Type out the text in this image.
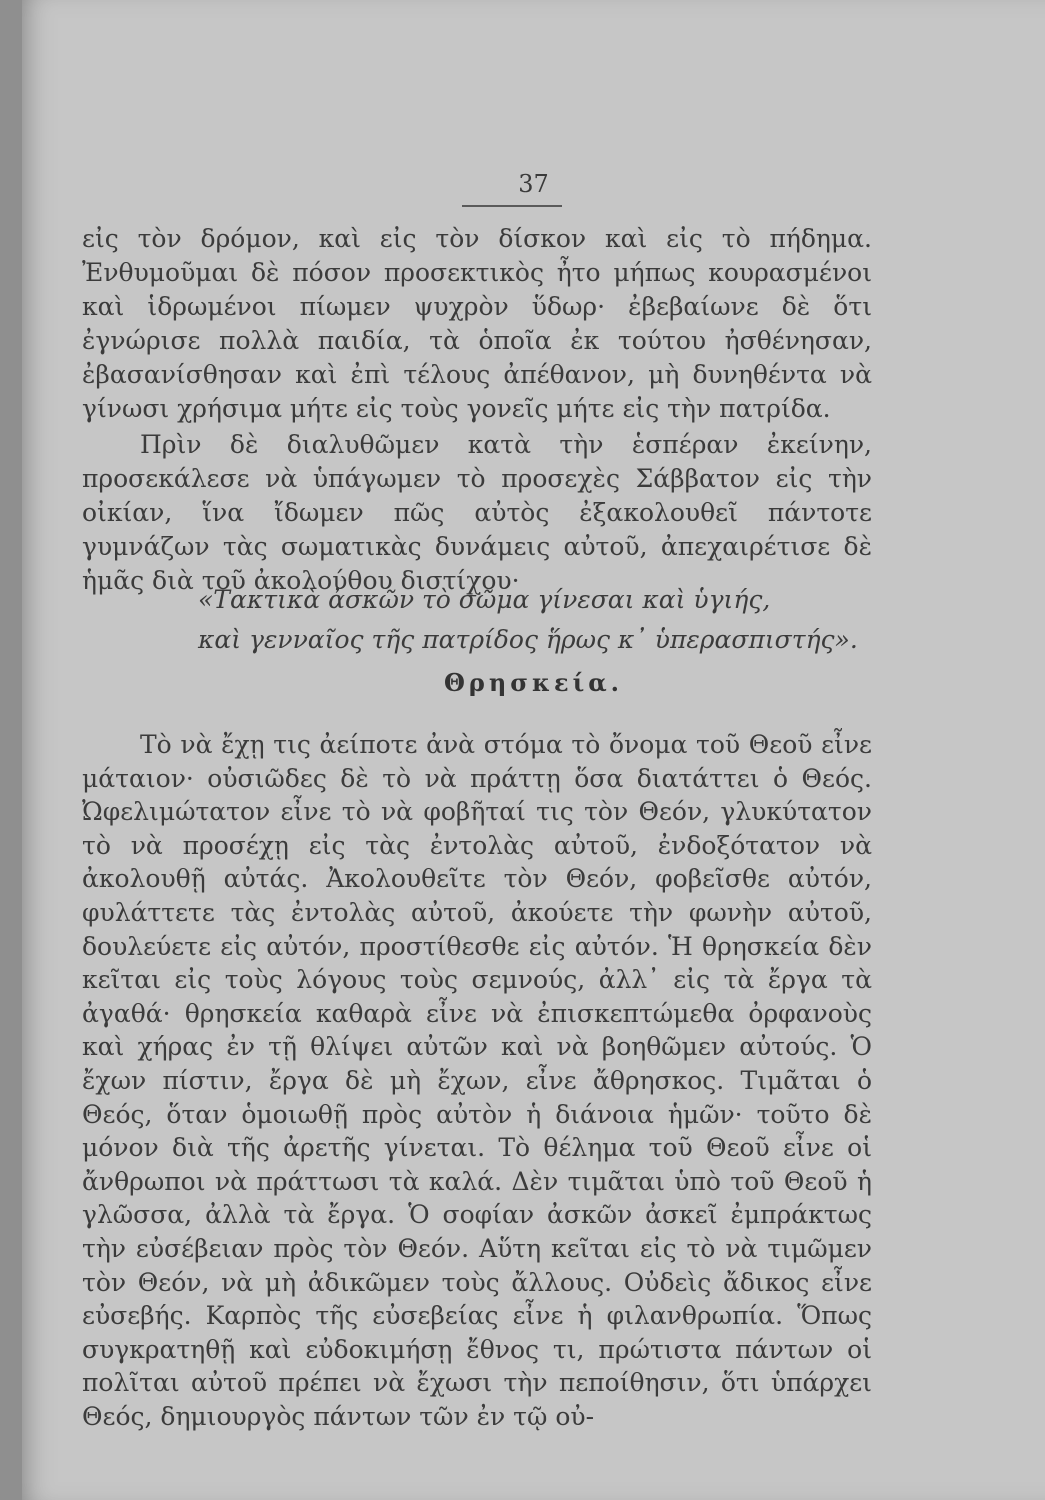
37
εἰς τὸν δρόμον, καὶ εἰς τὸν δίσκον καὶ εἰς τὸ πήδημα. Ἐνθυμοῦμαι δὲ πόσον προσεκτικὸς ἦτο μήπως κουρασμένοι καὶ ἱδρωμένοι πίωμεν ψυχρὸν ὕδωρ· ἐβεβαίωνε δὲ ὅτι ἐγνώρισε πολλὰ παιδία, τὰ ὁποῖα ἐκ τούτου ἠσθένησαν, ἐβασανίσθησαν καὶ ἐπὶ τέλους ἀπέθανον, μὴ δυνηθέντα νὰ γίνωσι χρήσιμα μήτε εἰς τοὺς γονεῖς μήτε εἰς τὴν πατρίδα.
Πρὶν δὲ διαλυθῶμεν κατὰ τὴν ἑσπέραν ἐκείνην, προσεκάλεσε νὰ ὑπάγωμεν τὸ προσεχὲς Σάββατον εἰς τὴν οἰκίαν, ἵνα ἴδωμεν πῶς αὐτὸς ἐξακολουθεῖ πάντοτε γυμνάζων τὰς σωματικὰς δυνάμεις αὐτοῦ, ἀπεχαιρέτισε δὲ ἡμᾶς διὰ τοῦ ἀκολούθου διστίχου·
«Τακτικὰ ἀσκῶν τὸ σῶμα γίνεσαι καὶ ὑγιής,
καὶ γενναῖος τῆς πατρίδος ἥρως κ᾽ ὑπερασπιστής».
Θρησκεία.
Τὸ νὰ ἔχῃ τις ἀείποτε ἀνὰ στόμα τὸ ὄνομα τοῦ Θεοῦ εἶνε μάταιον· οὐσιῶδες δὲ τὸ νὰ πράττῃ ὅσα διατάττει ὁ Θεός. Ὠφελιμώτατον εἶνε τὸ νὰ φοβῆταί τις τὸν Θεόν, γλυκύτατον τὸ νὰ προσέχῃ εἰς τὰς ἐντολὰς αὐτοῦ, ἐνδοξότατον νὰ ἀκολουθῇ αὐτάς. Ἀκολουθεῖτε τὸν Θεόν, φοβεῖσθε αὐτόν, φυλάττετε τὰς ἐντολὰς αὐτοῦ, ἀκούετε τὴν φωνὴν αὐτοῦ, δουλεύετε εἰς αὐτόν, προστίθεσθε εἰς αὐτόν. Ἡ θρησκεία δὲν κεῖται εἰς τοὺς λόγους τοὺς σεμνούς, ἀλλ᾽ εἰς τὰ ἔργα τὰ ἀγαθά· θρησκεία καθαρὰ εἶνε νὰ ἐπισκεπτώμεθα ὀρφανοὺς καὶ χήρας ἐν τῇ θλίψει αὐτῶν καὶ νὰ βοηθῶμεν αὐτούς. Ὁ ἔχων πίστιν, ἔργα δὲ μὴ ἔχων, εἶνε ἄθρησκος. Τιμᾶται ὁ Θεός, ὅταν ὁμοιωθῇ πρὸς αὐτὸν ἡ διάνοια ἡμῶν· τοῦτο δὲ μόνον διὰ τῆς ἀρετῆς γίνεται. Τὸ θέλημα τοῦ Θεοῦ εἶνε οἱ ἄνθρωποι νὰ πράττωσι τὰ καλά. Δὲν τιμᾶται ὑπὸ τοῦ Θεοῦ ἡ γλῶσσα, ἀλλὰ τὰ ἔργα. Ὁ σοφίαν ἀσκῶν ἀσκεῖ ἐμπράκτως τὴν εὐσέβειαν πρὸς τὸν Θεόν. Αὕτη κεῖται εἰς τὸ νὰ τιμῶμεν τὸν Θεόν, νὰ μὴ ἀδικῶμεν τοὺς ἄλλους. Οὐδεὶς ἄδικος εἶνε εὐσεβής. Καρπὸς τῆς εὐσεβείας εἶνε ἡ φιλανθρωπία. Ὅπως συγκρατηθῇ καὶ εὐδοκιμήσῃ ἔθνος τι, πρώτιστα πάντων οἱ πολῖται αὐτοῦ πρέπει νὰ ἔχωσι τὴν πεποίθησιν, ὅτι ὑπάρχει Θεός, δημιουργὸς πάντων τῶν ἐν τῷ οὐ-
